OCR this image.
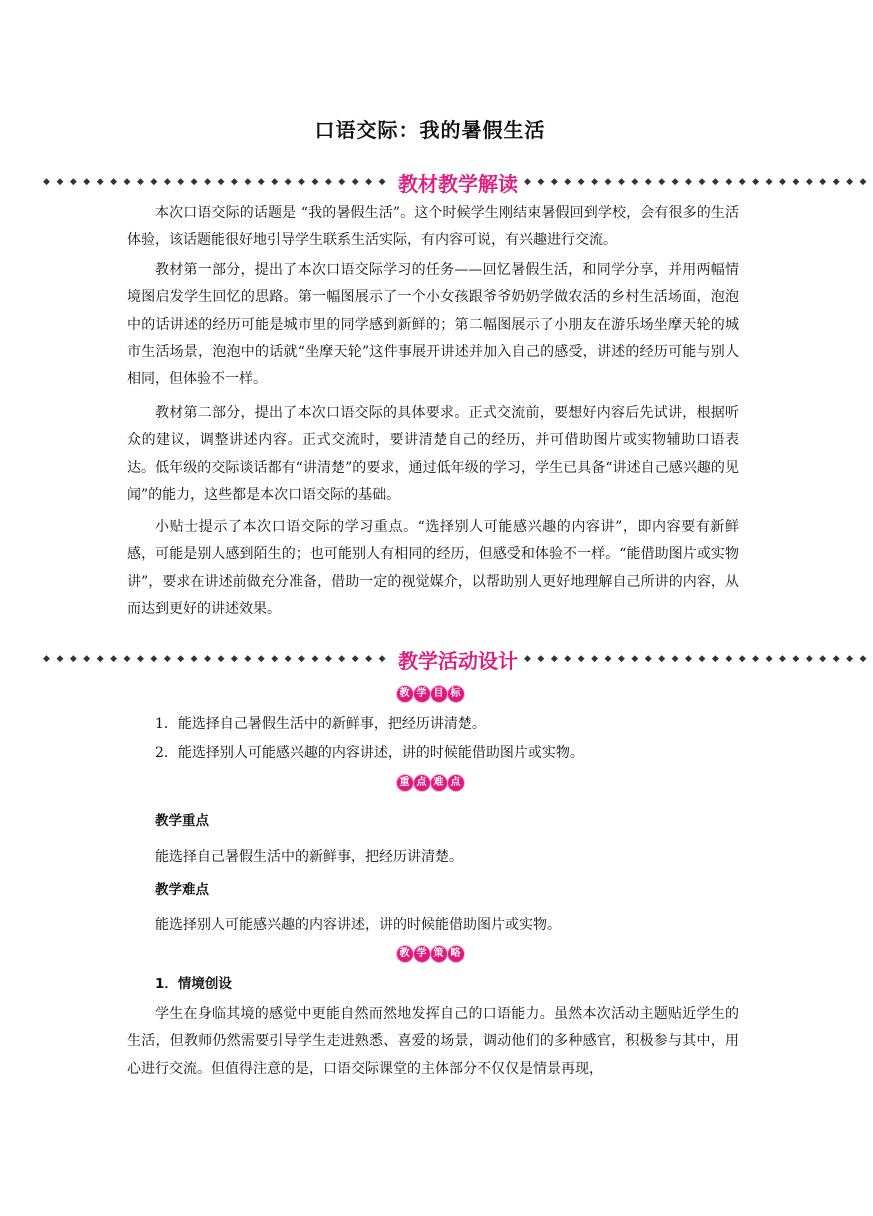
口语交际：我的暑假生活
◆◆◆◆◆◆◆◆◆◆◆◆◆◆◆◆◆◆◆◆◆◆◆◆◆◆ 教材教学解读 ◆◆◆◆◆◆◆◆◆◆◆◆◆◆◆◆◆◆◆◆◆◆◆◆◆◆

本次口语交际的话题是 “我的暑假生活”。这个时候学生刚结束暑假回到学校，会有很多的生活体验，该话题能很好地引导学生联系生活实际，有内容可说，有兴趣进行交流。

教材第一部分，提出了本次口语交际学习的任务——回忆暑假生活，和同学分享，并用两幅情境图启发学生回忆的思路。第一幅图展示了一个小女孩跟爷爷奶奶学做农活的乡村生活场面，泡泡中的话讲述的经历可能是城市里的同学感到新鲜的；第二幅图展示了小朋友在游乐场坐摩天轮的城市生活场景，泡泡中的话就“坐摩天轮”这件事展开讲述并加入自己的感受，讲述的经历可能与别人相同，但体验不一样。

教材第二部分，提出了本次口语交际的具体要求。正式交流前，要想好内容后先试讲，根据听众的建议，调整讲述内容。正式交流时，要讲清楚自己的经历，并可借助图片或实物辅助口语表达。低年级的交际谈话都有“讲清楚”的要求，通过低年级的学习，学生已具备“讲述自己感兴趣的见闻”的能力，这些都是本次口语交际的基础。

小贴士提示了本次口语交际的学习重点。“选择别人可能感兴趣的内容讲”，即内容要有新鲜感，可能是别人感到陌生的；也可能别人有相同的经历，但感受和体验不一样。“能借助图片或实物讲”，要求在讲述前做充分准备，借助一定的视觉媒介，以帮助别人更好地理解自己所讲的内容，从而达到更好的讲述效果。

◆◆◆◆◆◆◆◆◆◆◆◆◆◆◆◆◆◆◆◆◆◆◆◆◆◆ 教学活动设计 ◆◆◆◆◆◆◆◆◆◆◆◆◆◆◆◆◆◆◆◆◆◆◆◆◆◆
教 学 目 标

1．能选择自己暑假生活中的新鲜事，把经历讲清楚。

2．能选择别人可能感兴趣的内容讲述，讲的时候能借助图片或实物。

重 点 难 点
教学重点

能选择自己暑假生活中的新鲜事，把经历讲清楚。

教学难点

能选择别人可能感兴趣的内容讲述，讲的时候能借助图片或实物。

教 学 策 略
1．情境创设

学生在身临其境的感觉中更能自然而然地发挥自己的口语能力。虽然本次活动主题贴近学生的生活，但教师仍然需要引导学生走进熟悉、喜爱的场景，调动他们的多种感官，积极参与其中，用心进行交流。但值得注意的是，口语交际课堂的主体部分不仅仅是情景再现，
